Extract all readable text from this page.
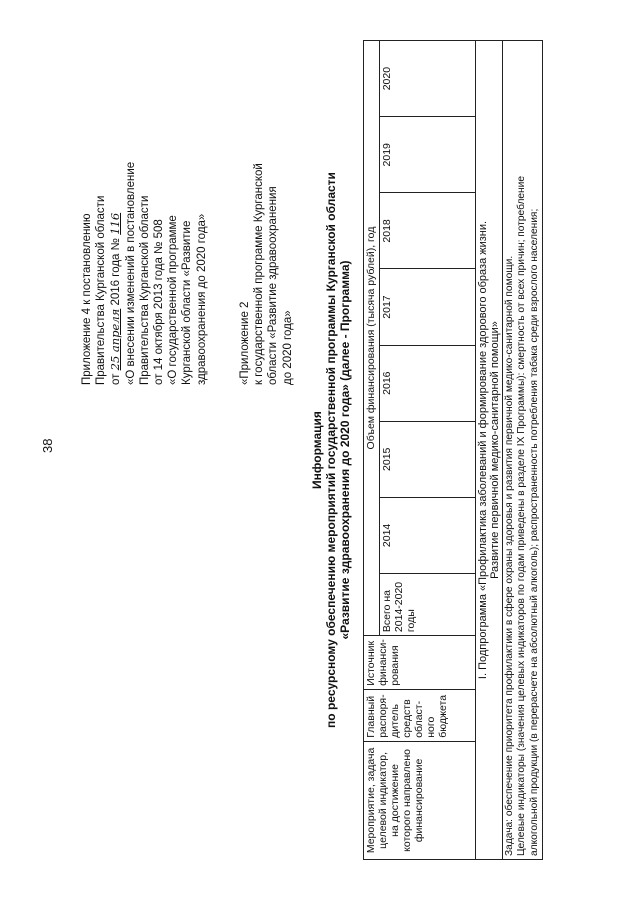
38
Приложение 4 к постановлению Правительства Курганской области от 25 апреля 2016 года № 116 «О внесении изменений в постановление Правительства Курганской области от 14 октября 2013 года № 508 «О государственной программе Курганской области «Развитие здравоохранения до 2020 года»	«Приложение 2 к государственной программе Курганской области «Развитие здравоохранения до 2020 года»
Информация по ресурсному обеспечению мероприятий государственной программы Курганской области «Развитие здравоохранения до 2020 года» (далее - Программа)
Мероприятие, задача целевой индикатор, на достижение которого направлено финансирование	Главный распоря-дитель средств област-ного бюджета	Источник финанси-рования	Объем финансирования (тысяча рублей), год							
			Всего на 2014-2020 годы	2014	2015	2016	2017	2018	2019	2020

I. Подпрограмма «Профилактика заболеваний и формирование здорового образа жизни. Развитие первичной медико-санитарной помощи»										

Задача: обеспечение приоритета профилактики в сфере охраны здоровья и развития первичной медико-санитарной помощи. Целевые индикаторы (значения целевых индикаторов по годам приведены в разделе IX Программы): смертность от всех причин; потребление алкогольной продукции (в перерасчете на абсолютный алкоголь); распространенность потребления табака среди взрослого населения;										
